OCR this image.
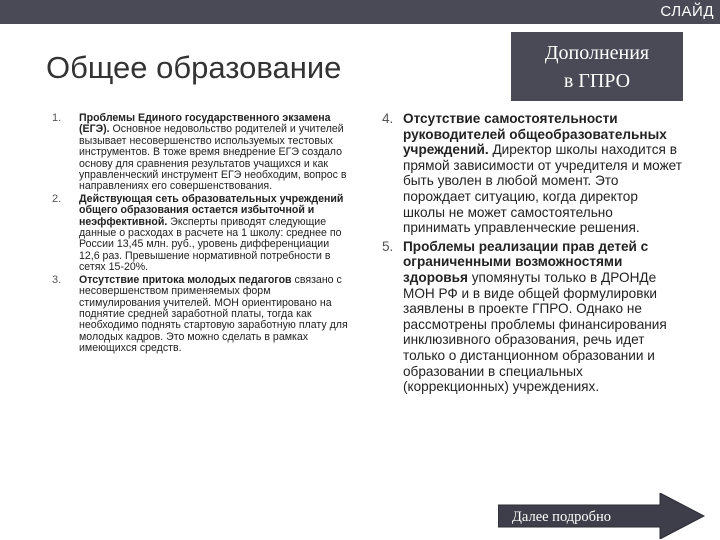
СЛАЙД
Общее образование	Дополнения
в ГПРО
1. Проблемы Единого государственного экзамена (ЕГЭ). Основное недовольство родителей и учителей вызывает несовершенство используемых тестовых инструментов. В тоже время внедрение ЕГЭ создало основу для сравнения результатов учащихся и как управленческий инструмент ЕГЭ необходим, вопрос в направлениях его совершенствования.
2. Действующая сеть образовательных учреждений общего образования остается избыточной и неэффективной. Эксперты приводят следующие данные о расходах в расчете на 1 школу: среднее по России 13,45 млн. руб., уровень дифференциации 12,6 раз. Превышение нормативной потребности в сетях 15-20%.
3. Отсутствие притока молодых педагогов связано с несовершенством применяемых форм стимулирования учителей. МОН ориентировано на поднятие средней заработной платы, тогда как необходимо поднять стартовую заработную плату для молодых кадров. Это можно сделать в рамках имеющихся средств.
4. Отсутствие самостоятельности руководителей общеобразовательных учреждений. Директор школы находится в прямой зависимости от учредителя и может быть уволен в любой момент. Это порождает ситуацию, когда директор школы не может самостоятельно принимать управленческие решения.
5. Проблемы реализации прав детей с ограниченными возможностями здоровья упомянуты только в ДРОНДе МОН РФ и в виде общей формулировки заявлены в проекте ГПРО. Однако не рассмотрены проблемы финансирования инклюзивного образования, речь идет только о дистанционном образовании и образовании в специальных (коррекционных) учреждениях.
Далее подробно
